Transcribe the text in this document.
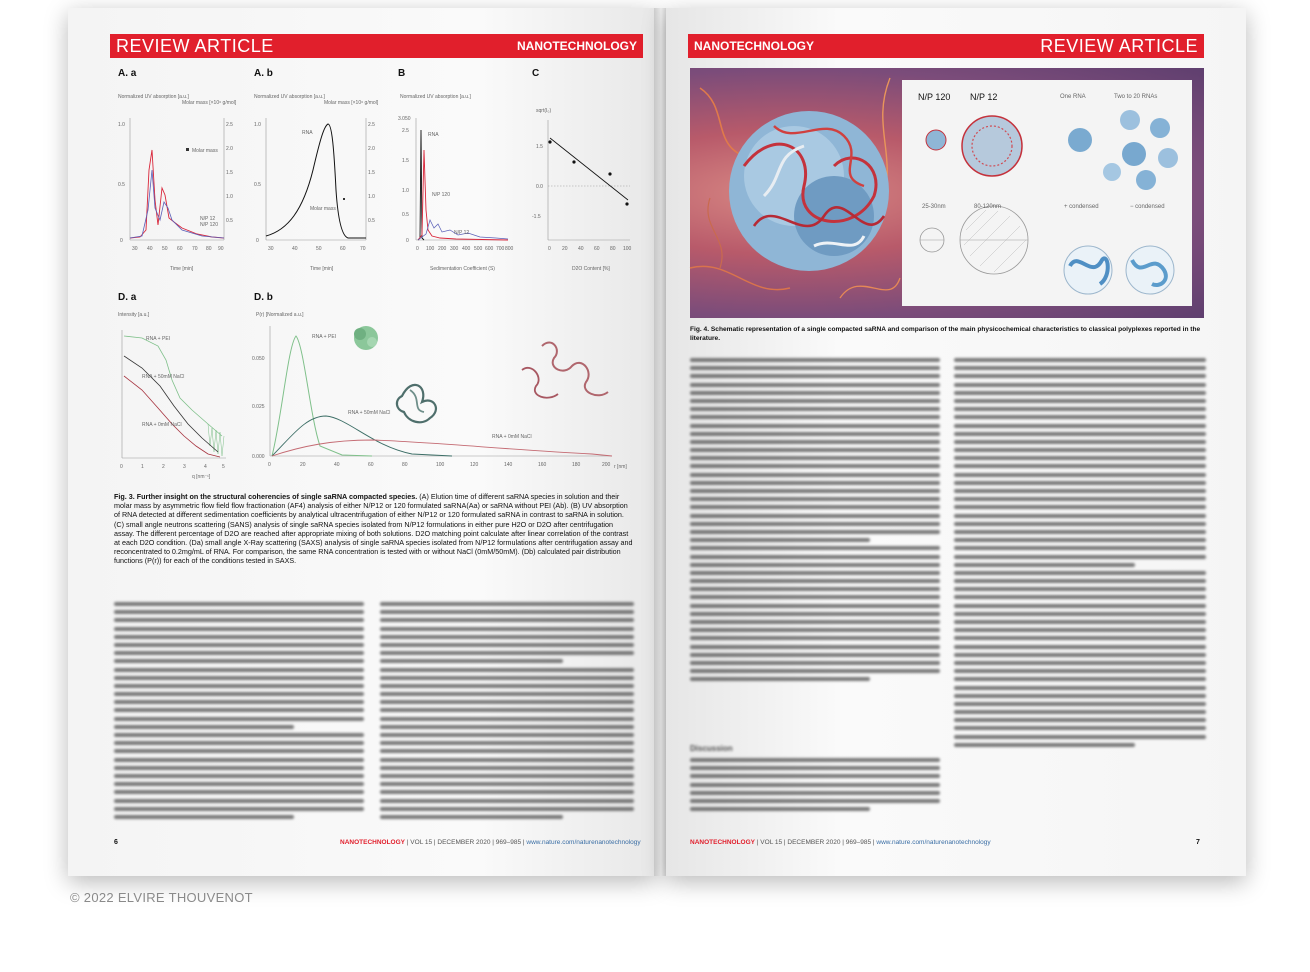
REVIEW ARTICLE	NANOTECHNOLOGY
A. a
Normalized UV absorption [a.u.]
Molar mass [×10⁶ g/mol]
1.0
0.5
0
2.5
2.0
1.5
1.0
0.5
30 40 50 60 70 80 90
Time [min]
Molar mass
N/P 12
N/P 120
A. b
Normalized UV absorption [a.u.]
Molar mass [×10⁶ g/mol]
1.0
0.5
0
2.5
2.0
1.5
1.0
0.5
30	40	50	60	70
Time [min]
RNA
Molar mass
B
Normalized UV absorption [a.u.]
3.050
2.5
1.5
1.0
0.5
0
0 100 200 300 400 500 600 700 800
Sedimentation Coefficient (S)
RNA
N/P 120
N/P 12
C
sqrt(I₀)
1.5
0.0
-1.5
0 20 40 60 80 100
D2O Content [%]
D. a
Intensity [a.u.]
RNA + PEI
RNA + 50mM NaCl
RNA + 0mM NaCl
0	1	2	3	4	5
q [nm⁻¹]
D. b
P(r) [Normalized a.u.]
0.050
0.025
0.000
RNA + PEI
RNA + 50mM NaCl
RNA + 0mM NaCl
0	20	40	60	80	100	120	140	160	180	200 r [nm]
Fig. 3. Further insight on the structural coherencies of single saRNA compacted species. (A) Elution time of different saRNA species in solution and their molar mass by asymmetric flow field flow fractionation (AF4) analysis of either N/P12 or 120 formulated saRNA(Aa) or saRNA without PEI (Ab). (B) UV absorption of RNA detected at different sedimentation coefficients by analytical ultracentrifugation of either N/P12 or 120 formulated saRNA in contrast to saRNA in solution. (C) small angle neutrons scattering (SANS) analysis of single saRNA species isolated from N/P12 formulations in either pure H2O or D2O after centrifugation assay. The different percentage of D2O are reached after appropriate mixing of both solutions. D2O matching point calculate after linear correlation of the contrast at each D2O condition. (Da) small angle X-Ray scattering (SAXS) analysis of single saRNA species isolated from N/P12 formulations after centrifugation assay and reconcentrated to 0.2mg/mL of RNA. For comparison, the same RNA concentration is tested with or without NaCl (0mM/50mM). (Db) calculated pair distribution functions (P(r)) for each of the conditions tested in SAXS.
6	NANOTECHNOLOGY | VOL 15 | DECEMBER 2020 | 969–985 | www.nature.com/naturenanotechnology
NANOTECHNOLOGY	REVIEW ARTICLE
N/P 120 N/P 12	One RNA	Two to 20 RNAs
25-30nm	80-120nm	+ condensed	− condensed
Fig. 4. Schematic representation of a single compacted saRNA and comparison of the main physicochemical characteristics to classical polyplexes reported in the literature.
Discussion
NANOTECHNOLOGY | VOL 15 | DECEMBER 2020 | 969–985 | www.nature.com/naturenanotechnology	7
© 2022 ELVIRE THOUVENOT
